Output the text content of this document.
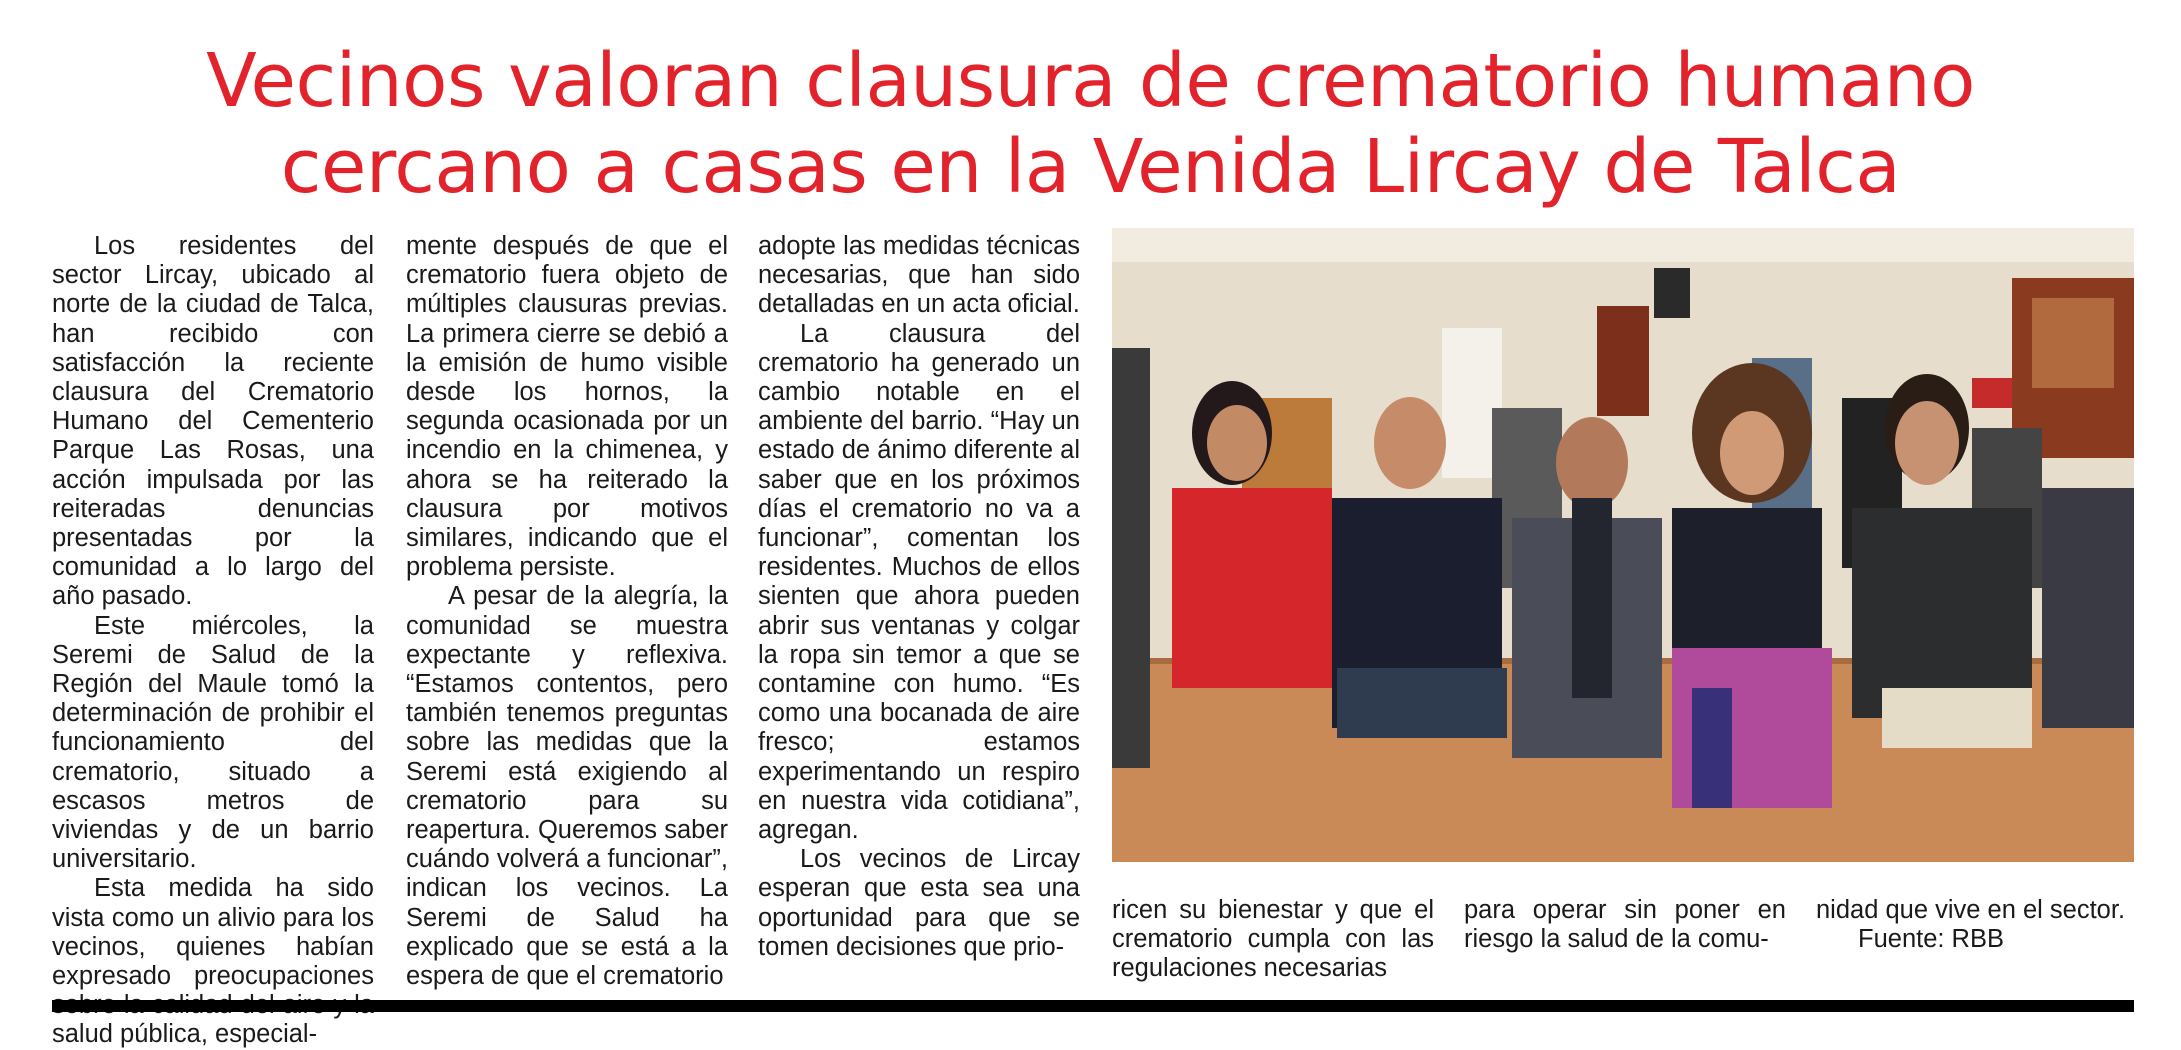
Vecinos valoran clausura de crematorio humano
cercano a casas en la Venida Lircay de Talca

Los residentes del sector Lircay, ubicado al norte de la ciudad de Talca, han recibido con satisfacción la reciente clausura del Crematorio Humano del Cementerio Parque Las Rosas, una acción impulsada por las reiteradas denuncias presentadas por la comunidad a lo largo del año pasado.

Este miércoles, la Seremi de Salud de la Región del Maule tomó la determinación de prohibir el funcionamiento del crematorio, situado a escasos metros de viviendas y de un barrio universitario.

Esta medida ha sido vista como un alivio para los vecinos, quienes habían expresado preocupaciones salud pública, especial-

mente después de que el crematorio fuera objeto de múltiples clausuras previas. La primera cierre se debió a la emisión de humo visible desde los hornos, la segunda ocasionada por un incendio en la chimenea, y ahora se ha reiterado la clausura por motivos similares, indicando que el problema persiste.

A pesar de la alegría, la comunidad se muestra expectante y reflexiva. “Estamos contentos, pero también tenemos preguntas sobre las medidas que la Seremi está exigiendo al crematorio para su reapertura. Queremos saber cuándo volverá a funcionar”, indican los vecinos. La Seremi de Salud ha explicado que se está a la espera de que el crematorio

adopte las medidas técnicas necesarias, que han sido detalladas en un acta oficial.

La clausura del crematorio ha generado un cambio notable en el ambiente del barrio. “Hay un estado de ánimo diferente al saber que en los próximos días el crematorio no va a funcionar”, comentan los residentes. Muchos de ellos sienten que ahora pueden abrir sus ventanas y colgar la ropa sin temor a que se contamine con humo. “Es como una bocanada de aire fresco; estamos experimentando un respiro en nuestra vida cotidiana”, agregan.

Los vecinos de Lircay esperan que esta sea una oportunidad para que se tomen decisiones que prio-

ricen su bienestar y que el crematorio cumpla con las regulaciones necesarias

para operar sin poner en riesgo la salud de la comu-

nidad que vive en el sector.

Fuente: RBB
